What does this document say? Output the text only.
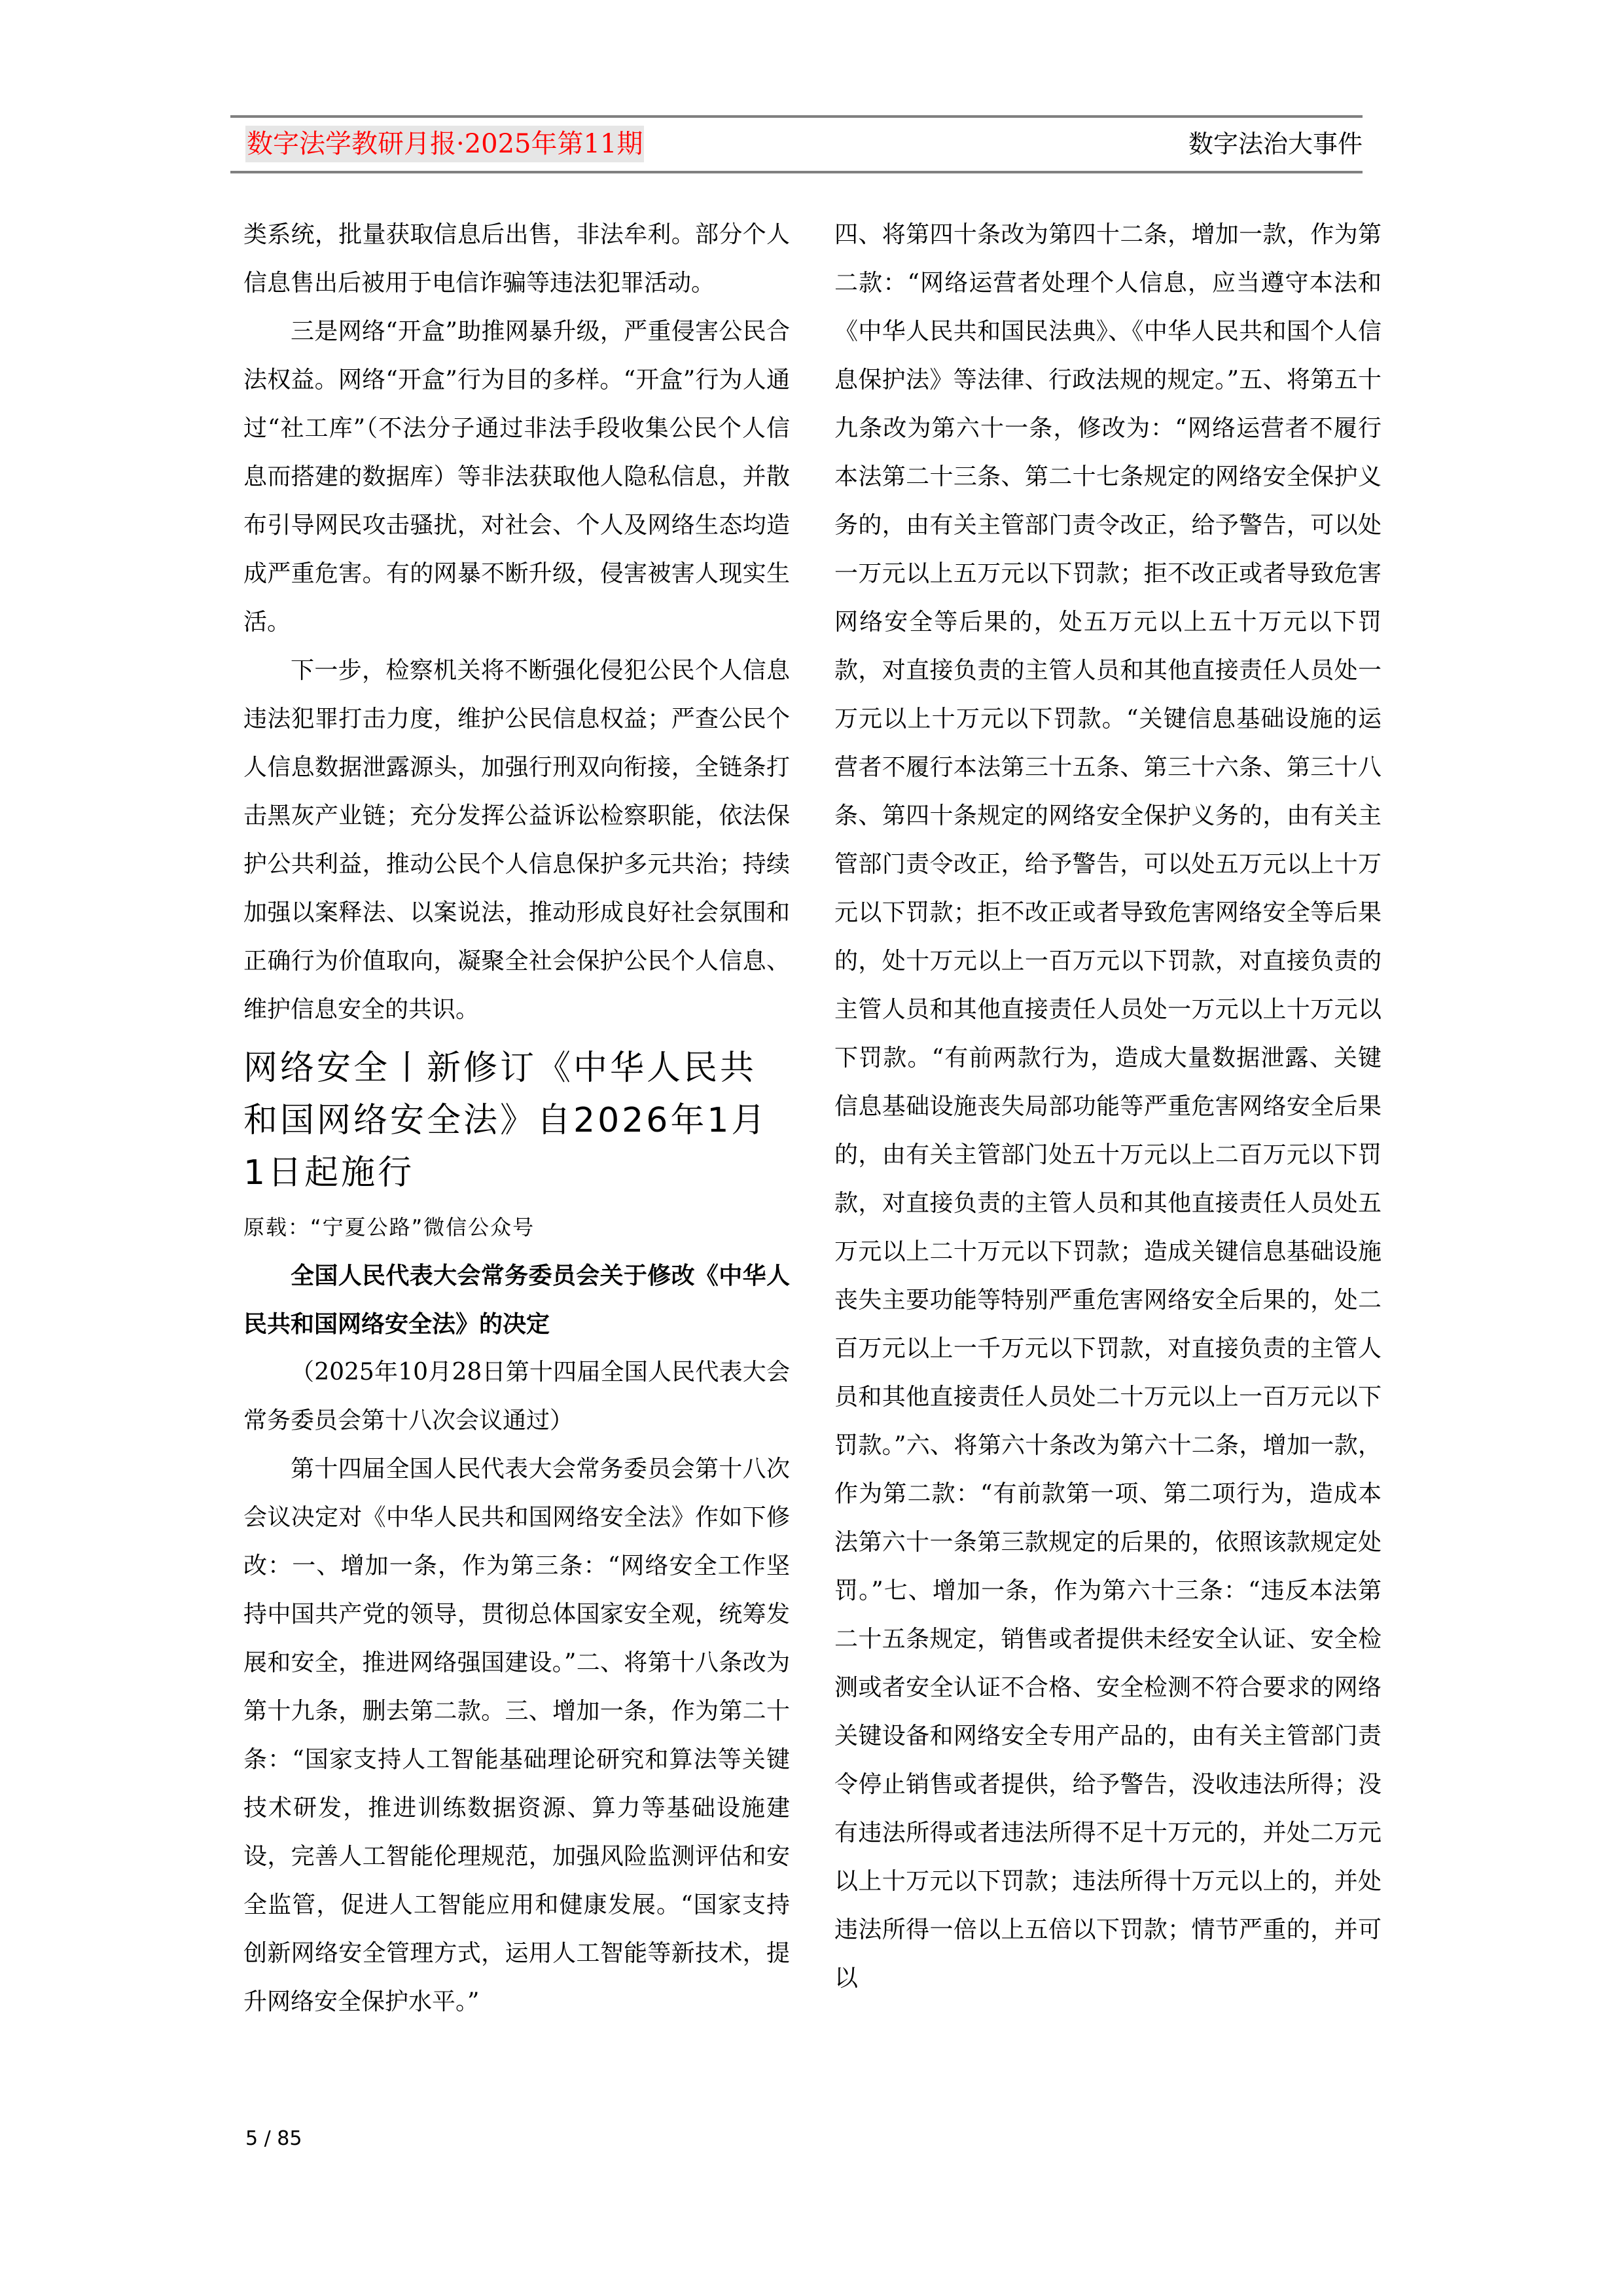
数字法学教研月报·2025年第11期	数字法治大事件

类系统，批量获取信息后出售，非法牟利。部分个人信息售出后被用于电信诈骗等违法犯罪活动。

三是网络“开盒”助推网暴升级，严重侵害公民合法权益。网络“开盒”行为目的多样。“开盒”行为人通过“社工库”（不法分子通过非法手段收集公民个人信息而搭建的数据库）等非法获取他人隐私信息，并散布引导网民攻击骚扰，对社会、个人及网络生态均造成严重危害。有的网暴不断升级，侵害被害人现实生活。

下一步，检察机关将不断强化侵犯公民个人信息违法犯罪打击力度，维护公民信息权益；严查公民个人信息数据泄露源头，加强行刑双向衔接，全链条打击黑灰产业链；充分发挥公益诉讼检察职能，依法保护公共利益，推动公民个人信息保护多元共治；持续加强以案释法、以案说法，推动形成良好社会氛围和正确行为价值取向，凝聚全社会保护公民个人信息、维护信息安全的共识。

网络安全丨新修订《中华人民共和国网络安全法》自2026年1月1日起施行

原载：“宁夏公路”微信公众号

全国人民代表大会常务委员会关于修改《中华人民共和国网络安全法》的决定

（2025年10月28日第十四届全国人民代表大会常务委员会第十八次会议通过）

第十四届全国人民代表大会常务委员会第十八次会议决定对《中华人民共和国网络安全法》作如下修改：一、增加一条，作为第三条：“网络安全工作坚持中国共产党的领导，贯彻总体国家安全观，统筹发展和安全，推进网络强国建设。”二、将第十八条改为第十九条，删去第二款。三、增加一条，作为第二十条：“国家支持人工智能基础理论研究和算法等关键技术研发，推进训练数据资源、算力等基础设施建设，完善人工智能伦理规范，加强风险监测评估和安全监管，促进人工智能应用和健康发展。“国家支持创新网络安全管理方式，运用人工智能等新技术，提升网络安全保护水平。”

四、将第四十条改为第四十二条，增加一款，作为第二款：“网络运营者处理个人信息，应当遵守本法和《中华人民共和国民法典》、《中华人民共和国个人信息保护法》等法律、行政法规的规定。”五、将第五十九条改为第六十一条，修改为：“网络运营者不履行本法第二十三条、第二十七条规定的网络安全保护义务的，由有关主管部门责令改正，给予警告，可以处一万元以上五万元以下罚款；拒不改正或者导致危害网络安全等后果的，处五万元以上五十万元以下罚款，对直接负责的主管人员和其他直接责任人员处一万元以上十万元以下罚款。“关键信息基础设施的运营者不履行本法第三十五条、第三十六条、第三十八条、第四十条规定的网络安全保护义务的，由有关主管部门责令改正，给予警告，可以处五万元以上十万元以下罚款；拒不改正或者导致危害网络安全等后果的，处十万元以上一百万元以下罚款，对直接负责的主管人员和其他直接责任人员处一万元以上十万元以下罚款。“有前两款行为，造成大量数据泄露、关键信息基础设施丧失局部功能等严重危害网络安全后果的，由有关主管部门处五十万元以上二百万元以下罚款，对直接负责的主管人员和其他直接责任人员处五万元以上二十万元以下罚款；造成关键信息基础设施丧失主要功能等特别严重危害网络安全后果的，处二百万元以上一千万元以下罚款，对直接负责的主管人员和其他直接责任人员处二十万元以上一百万元以下罚款。”六、将第六十条改为第六十二条，增加一款，作为第二款：“有前款第一项、第二项行为，造成本法第六十一条第三款规定的后果的，依照该款规定处罚。”七、增加一条，作为第六十三条：“违反本法第二十五条规定，销售或者提供未经安全认证、安全检测或者安全认证不合格、安全检测不符合要求的网络关键设备和网络安全专用产品的，由有关主管部门责令停止销售或者提供，给予警告，没收违法所得；没有违法所得或者违法所得不足十万元的，并处二万元以上十万元以下罚款；违法所得十万元以上的，并处违法所得一倍以上五倍以下罚款；情节严重的，并可以

5 / 85
